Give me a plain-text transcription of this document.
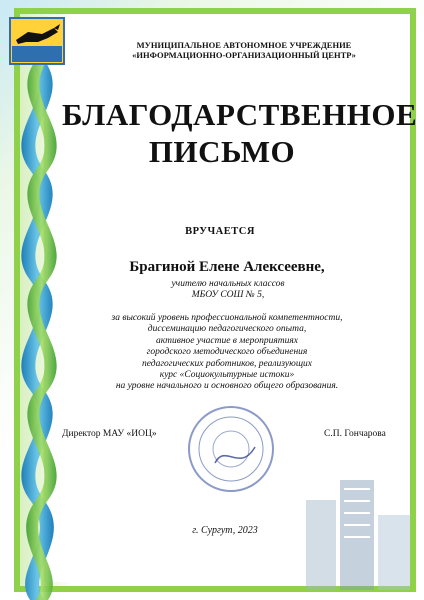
МУНИЦИПАЛЬНОЕ АВТОНОМНОЕ УЧРЕЖДЕНИЕ
«ИНФОРМАЦИОННО-ОРГАНИЗАЦИОННЫЙ ЦЕНТР»
БЛАГОДАРСТВЕННОЕ
ПИСЬМО
ВРУЧАЕТСЯ
Брагиной Елене Алексеевне,
учителю начальных классов
МБОУ СОШ № 5,
за высокий уровень профессиональной компетентности,
диссеминацию педагогического опыта,
активное участие в мероприятиях
городского методического объединения
педагогических работников, реализующих
курс «Социокультурные истоки»
на уровне начального и основного общего образования.
Директор МАУ «ИОЦ»	С.П. Гончарова
г. Сургут, 2023
